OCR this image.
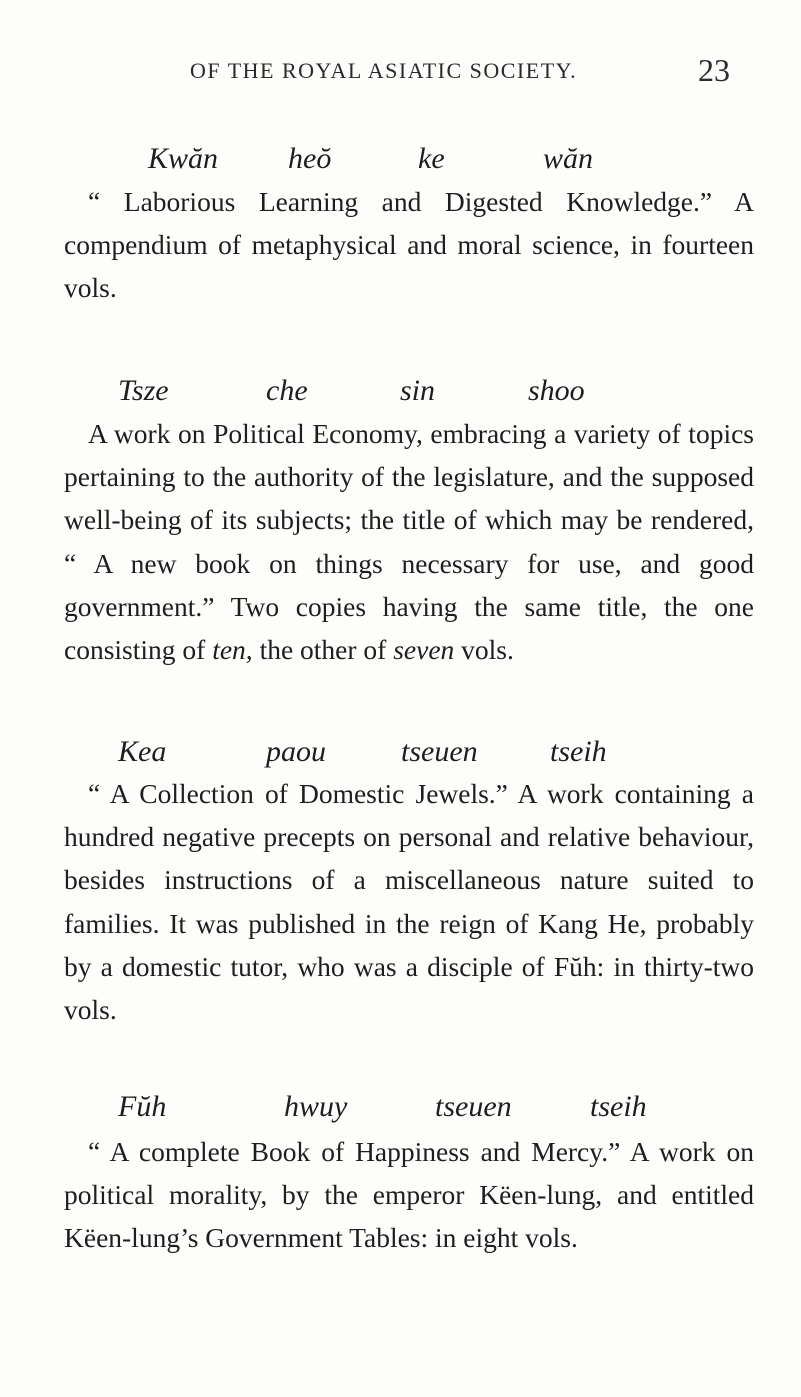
OF THE ROYAL ASIATIC SOCIETY.	23
Kwăn heŏ	ke	wăn

“ Laborious Learning and Digested Knowledge.” A compendium of metaphysical and moral science, in fourteen vols.

Tsze	che	sin	shoo

A work on Political Economy, embracing a variety of topics pertaining to the authority of the legislature, and the supposed well-being of its subjects; the title of which may be rendered, “ A new book on things necessary for use, and good government.” Two copies having the same title, the one consisting of ten, the other of seven vols.

Kea	paou	tseuen tseih

“ A Collection of Domestic Jewels.” A work containing a hundred negative precepts on personal and relative behaviour, besides instructions of a miscellaneous nature suited to families. It was published in the reign of Kang He, probably by a domestic tutor, who was a disciple of Fŭh: in thirty-two vols.

Fŭh	hwuy	tseuen	tseih

“ A complete Book of Happiness and Mercy.” A work on political morality, by the emperor Këen-lung, and entitled Këen-lung’s Government Tables: in eight vols.
